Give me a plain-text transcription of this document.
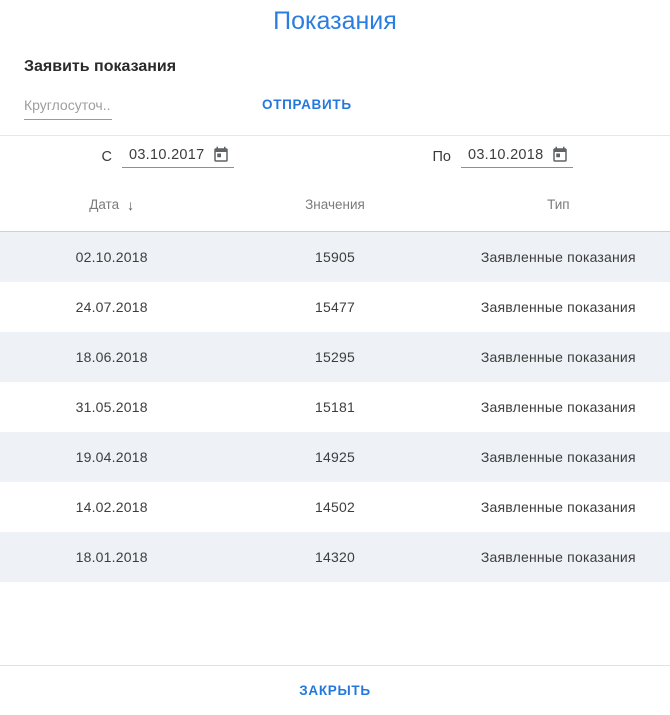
Показания
Заявить показания
Круглосуточ..
ОТПРАВИТЬ
С 03.10.2017	По 03.10.2018
Дата ↓	Значения	Тип
02.10.2018	15905	Заявленные показания
24.07.2018	15477	Заявленные показания
18.06.2018	15295	Заявленные показания
31.05.2018	15181	Заявленные показания
19.04.2018	14925	Заявленные показания
14.02.2018	14502	Заявленные показания
18.01.2018	14320	Заявленные показания
ЗАКРЫТЬ
